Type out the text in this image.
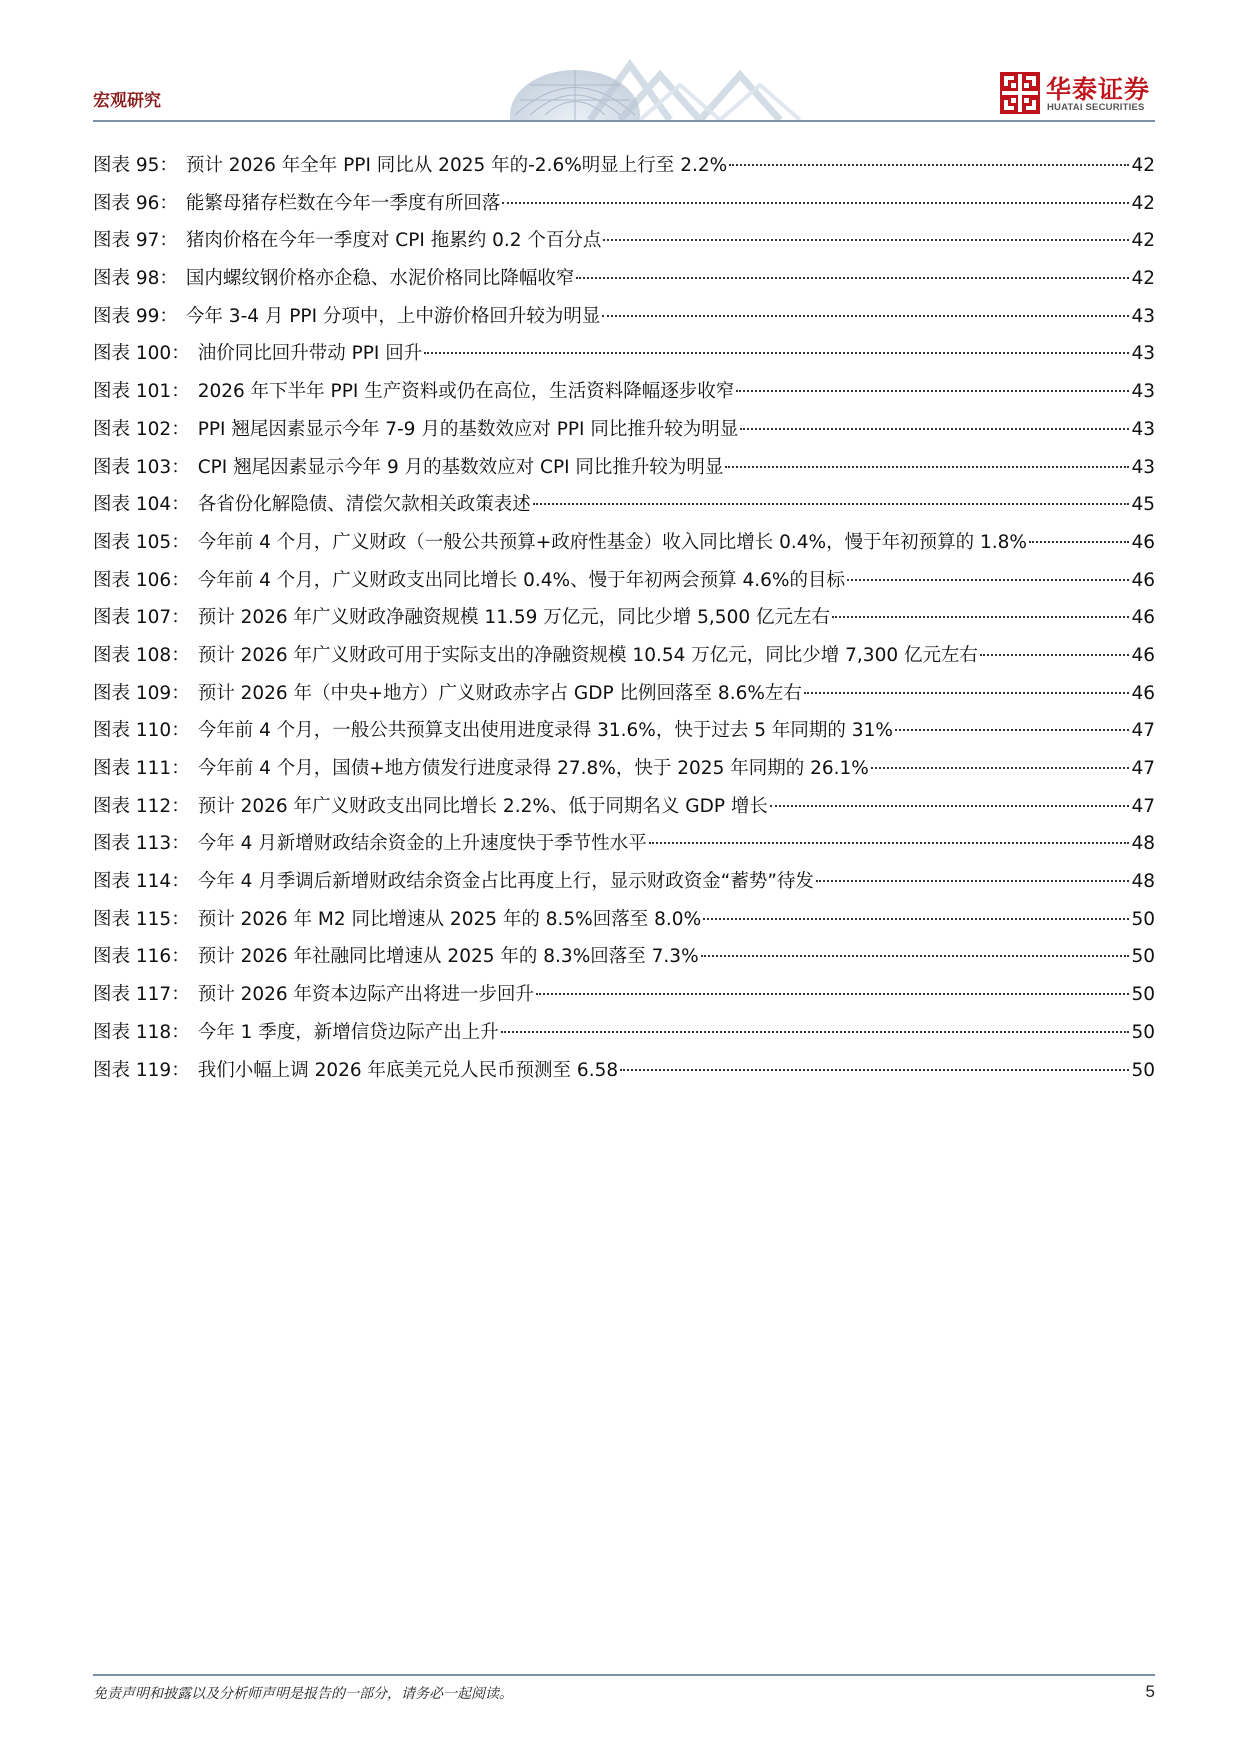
宏观研究	华泰证券
HUATAI SECURITIES
图表 95： 预计 2026 年全年 PPI 同比从 2025 年的-2.6%明显上行至 2.2%	42
图表 96： 能繁母猪存栏数在今年一季度有所回落	42
图表 97： 猪肉价格在今年一季度对 CPI 拖累约 0.2 个百分点	42
图表 98： 国内螺纹钢价格亦企稳、水泥价格同比降幅收窄	42
图表 99： 今年 3-4 月 PPI 分项中，上中游价格回升较为明显	43
图表 100： 油价同比回升带动 PPI 回升	43
图表 101： 2026 年下半年 PPI 生产资料或仍在高位，生活资料降幅逐步收窄	43
图表 102： PPI 翘尾因素显示今年 7-9 月的基数效应对 PPI 同比推升较为明显	43
图表 103： CPI 翘尾因素显示今年 9 月的基数效应对 CPI 同比推升较为明显	43
图表 104： 各省份化解隐债、清偿欠款相关政策表述	45
图表 105： 今年前 4 个月，广义财政（一般公共预算+政府性基金）收入同比增长 0.4%，慢于年初预算的 1.8%	46
图表 106： 今年前 4 个月，广义财政支出同比增长 0.4%、慢于年初两会预算 4.6%的目标	46
图表 107： 预计 2026 年广义财政净融资规模 11.59 万亿元，同比少增 5,500 亿元左右	46
图表 108： 预计 2026 年广义财政可用于实际支出的净融资规模 10.54 万亿元，同比少增 7,300 亿元左右	46
图表 109： 预计 2026 年（中央+地方）广义财政赤字占 GDP 比例回落至 8.6%左右	46
图表 110： 今年前 4 个月，一般公共预算支出使用进度录得 31.6%，快于过去 5 年同期的 31%	47
图表 111： 今年前 4 个月，国债+地方债发行进度录得 27.8%，快于 2025 年同期的 26.1%	47
图表 112： 预计 2026 年广义财政支出同比增长 2.2%、低于同期名义 GDP 增长	47
图表 113： 今年 4 月新增财政结余资金的上升速度快于季节性水平	48
图表 114： 今年 4 月季调后新增财政结余资金占比再度上行，显示财政资金“蓄势”待发	48
图表 115： 预计 2026 年 M2 同比增速从 2025 年的 8.5%回落至 8.0%	50
图表 116： 预计 2026 年社融同比增速从 2025 年的 8.3%回落至 7.3%	50
图表 117： 预计 2026 年资本边际产出将进一步回升	50
图表 118： 今年 1 季度，新增信贷边际产出上升	50
图表 119： 我们小幅上调 2026 年底美元兑人民币预测至 6.58	50
免责声明和披露以及分析师声明是报告的一部分，请务必一起阅读。	5
